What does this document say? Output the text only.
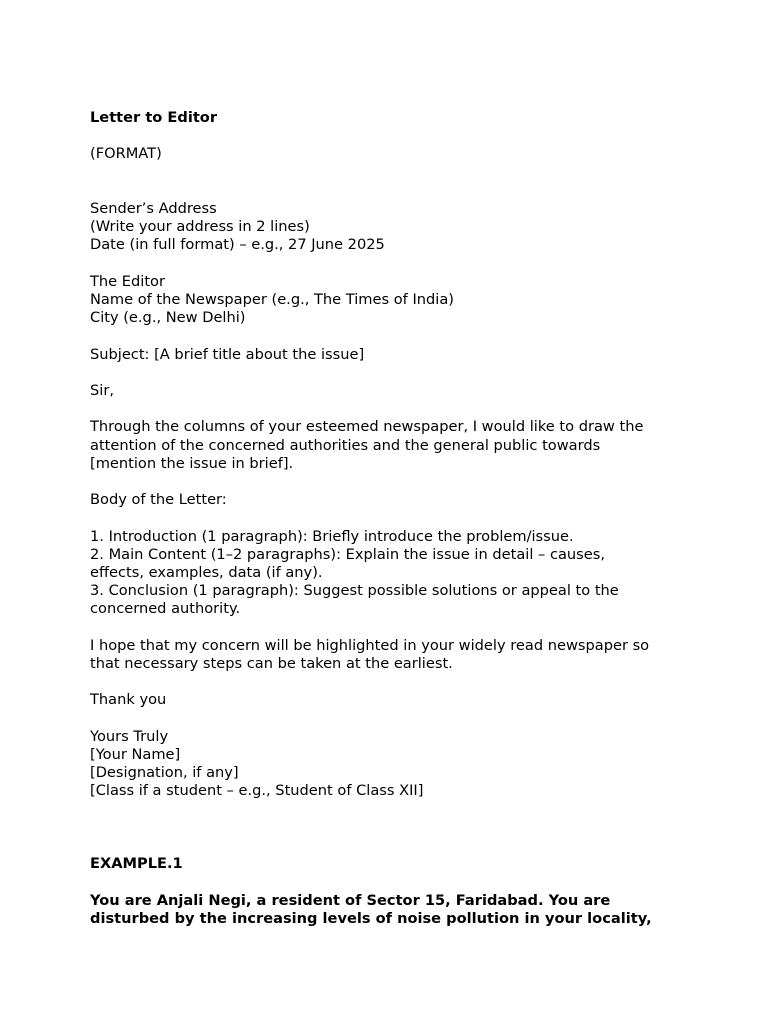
Letter to Editor
(FORMAT)
Sender’s Address
(Write your address in 2 lines)
Date (in full format) – e.g., 27 June 2025
The Editor
Name of the Newspaper (e.g., The Times of India)
City (e.g., New Delhi)
Subject: [A brief title about the issue]
Sir,
Through the columns of your esteemed newspaper, I would like to draw the
attention of the concerned authorities and the general public towards
[mention the issue in brief].
Body of the Letter:
1. Introduction (1 paragraph): Briefly introduce the problem/issue.
2. Main Content (1–2 paragraphs): Explain the issue in detail – causes,
effects, examples, data (if any).
3. Conclusion (1 paragraph): Suggest possible solutions or appeal to the
concerned authority.
I hope that my concern will be highlighted in your widely read newspaper so
that necessary steps can be taken at the earliest.
Thank you
Yours Truly
[Your Name]
[Designation, if any]
[Class if a student – e.g., Student of Class XII]
EXAMPLE.1
You are Anjali Negi, a resident of Sector 15, Faridabad. You are
disturbed by the increasing levels of noise pollution in your locality,
